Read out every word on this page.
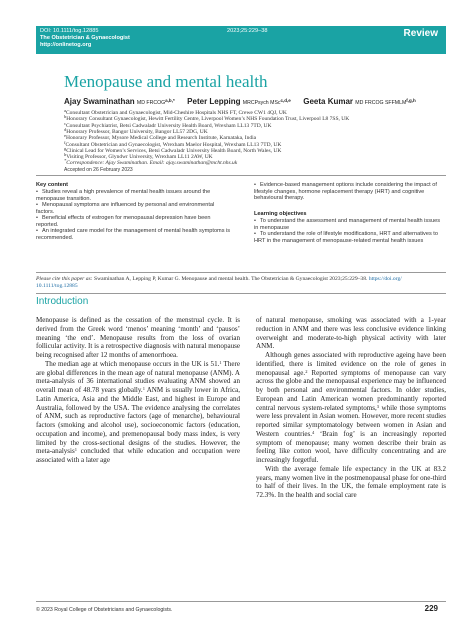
DOI: 10.1111/tog.12885
The Obstetrician & Gynaecologist
http://onlinetog.org
2023;25:229–38	Review
Menopause and mental health
Ajay Swaminathan MD $FRCOG^{a,b,*}$ Peter Lepping MRCPsych MSc$^{c,d,e}$ Geeta Kumar MD FRCOG SFFMLM$^{f,g,h}$
$^a$Consultant Obstetrician and Gynaecologist, Mid-Cheshire Hospitals NHS FT, Crewe CW1 4QJ, UK
$^b$Honorary Consultant Gynaecologist, Hewitt Fertility Centre, Liverpool Women’s NHS Foundation Trust, Liverpool L8 7SS, UK
$^c$Consultant Psychiatrist, Betsi Cadwaladr University Health Board, Wrexham LL13 7TD, UK
$^d$Honorary Professor, Bangor University, Bangor LL57 2DG, UK
$^e$Honorary Professor, Mysore Medical College and Research Institute, Karnataka, India
$^f$Consultant Obstetrician and Gynaecologist, Wrexham Maelor Hospital, Wrexham LL13 7TD, UK
$^g$Clinical Lead for Women’s Services, Betsi Cadwaladr University Health Board, North Wales, UK
$^h$Visiting Professor, Glyndwr University, Wrexham LL11 2AW, UK
*Correspondence: Ajay Swaminathan. Email: ajay.swaminathan@mcht.nhs.uk
Accepted on 26 February 2023
Key content
• Studies reveal a high prevalence of mental health issues around the menopause transition.
• Menopausal symptoms are influenced by personal and environmental factors.
• Beneficial effects of estrogen for menopausal depression have been reported.
• An integrated care model for the management of mental health symptoms is recommended.
• Evidence-based management options include considering the impact of lifestyle changes, hormone replacement therapy (HRT) and cognitive behavioural therapy.
Learning objectives
• To understand the assessment and management of mental health issues in menopause
• To understand the role of lifestyle modifications, HRT and alternatives to HRT in the management of menopause-related mental health issues
Please cite this paper as: Swaminathan A, Lepping P, Kumar G. Menopause and mental health. The Obstetrician & Gynaecologist 2023;25:229–38. https://doi.org/
10.1111/tog.12885
Introduction

Menopause is defined as the cessation of the menstrual cycle. It is derived from the Greek word ‘menos’ meaning ‘month’ and ‘pausos’ meaning ‘the end’. Menopause results from the loss of ovarian follicular activity. It is a retrospective diagnosis with natural menopause being recognised after 12 months of amenorrhoea.

The median age at which menopause occurs in the UK is 51.$^1$ There are global differences in the mean age of natural menopause (ANM). A meta-analysis of 36 international studies evaluating ANM showed an overall mean of 48.78 years globally.$^1$ ANM is usually lower in Africa, Latin America, Asia and the Middle East, and highest in Europe and Australia, followed by the USA. The evidence analysing the correlates of ANM, such as reproductive factors (age of menarche), behavioural factors (smoking and alcohol use), socioeconomic factors (education, occupation and income), and premenopausal body mass index, is very limited by the cross-sectional designs of the studies. However, the meta-analysis$^1$ concluded that while education and occupation were associated with a later age

of natural menopause, smoking was associated with a 1-year reduction in ANM and there was less conclusive evidence linking overweight and moderate-to-high physical activity with later ANM.

Although genes associated with reproductive ageing have been identified, there is limited evidence on the role of genes in menopausal age.$^2$ Reported symptoms of menopause can vary across the globe and the menopausal experience may be influenced by both personal and environmental factors. In older studies, European and Latin American women predominantly reported central nervous system-related symptoms,$^3$ while those symptoms were less prevalent in Asian women. However, more recent studies reported similar symptomatology between women in Asian and Western countries.$^4$ ‘Brain fog’ is an increasingly reported symptom of menopause; many women describe their brain as feeling like cotton wool, have difficulty concentrating and are increasingly forgetful.

With the average female life expectancy in the UK at 83.2 years, many women live in the postmenopausal phase for one-third to half of their lives. In the UK, the female employment rate is 72.3%. In the health and social care

© 2023 Royal College of Obstetricians and Gynaecologists.	229
